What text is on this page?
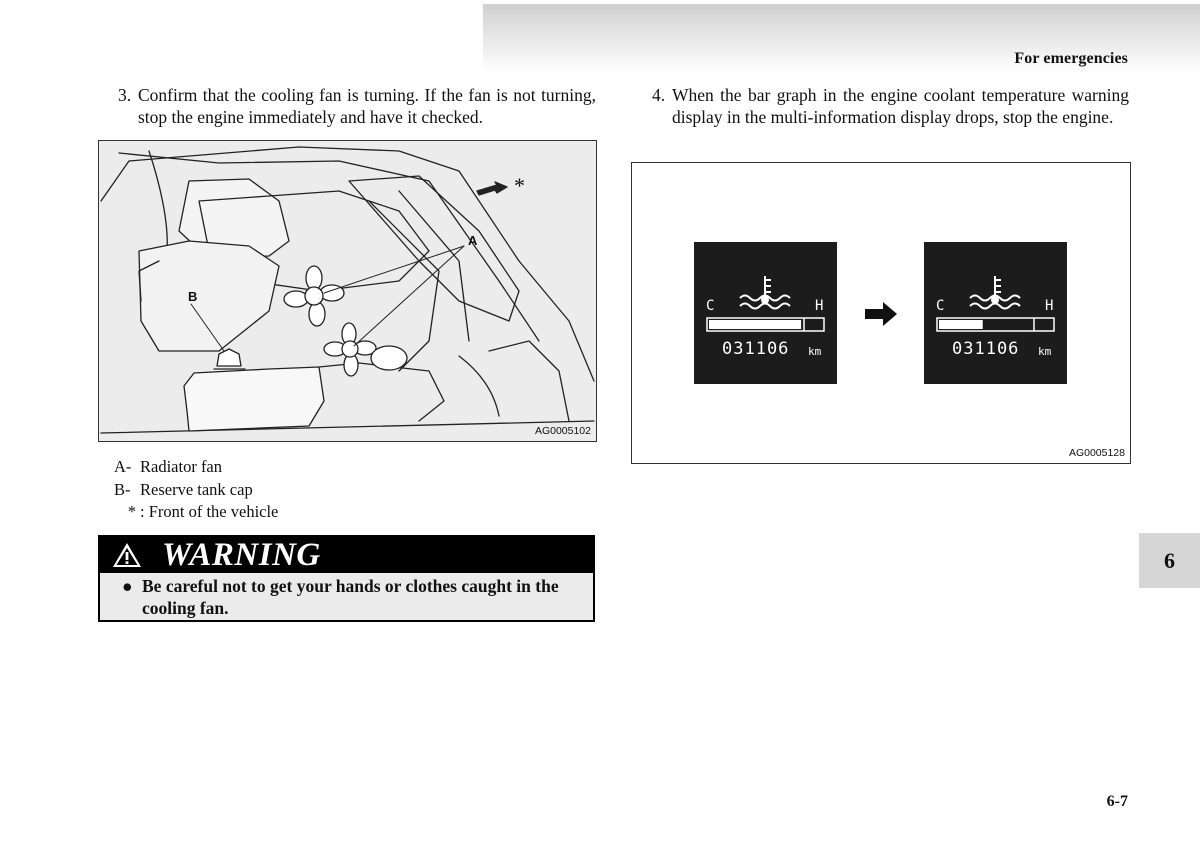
For emergencies
3. Confirm that the cooling fan is turning. If the fan is not turning, stop the engine immediately and have it checked.
4. When the bar graph in the engine coolant temperature warning display in the multi-information display drops, stop the engine.
A
B
*
AG0005102
C	H
031106 km
C	H
031106 km
AG0005128
A- Radiator fan
B- Reserve tank cap
* : Front of the vehicle
WARNING
● Be careful not to get your hands or clothes caught in the cooling fan.
6
6-7
